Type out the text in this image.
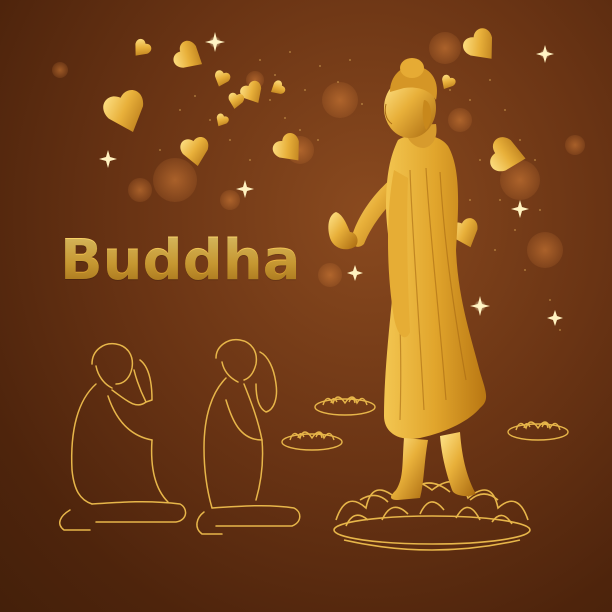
Buddha
